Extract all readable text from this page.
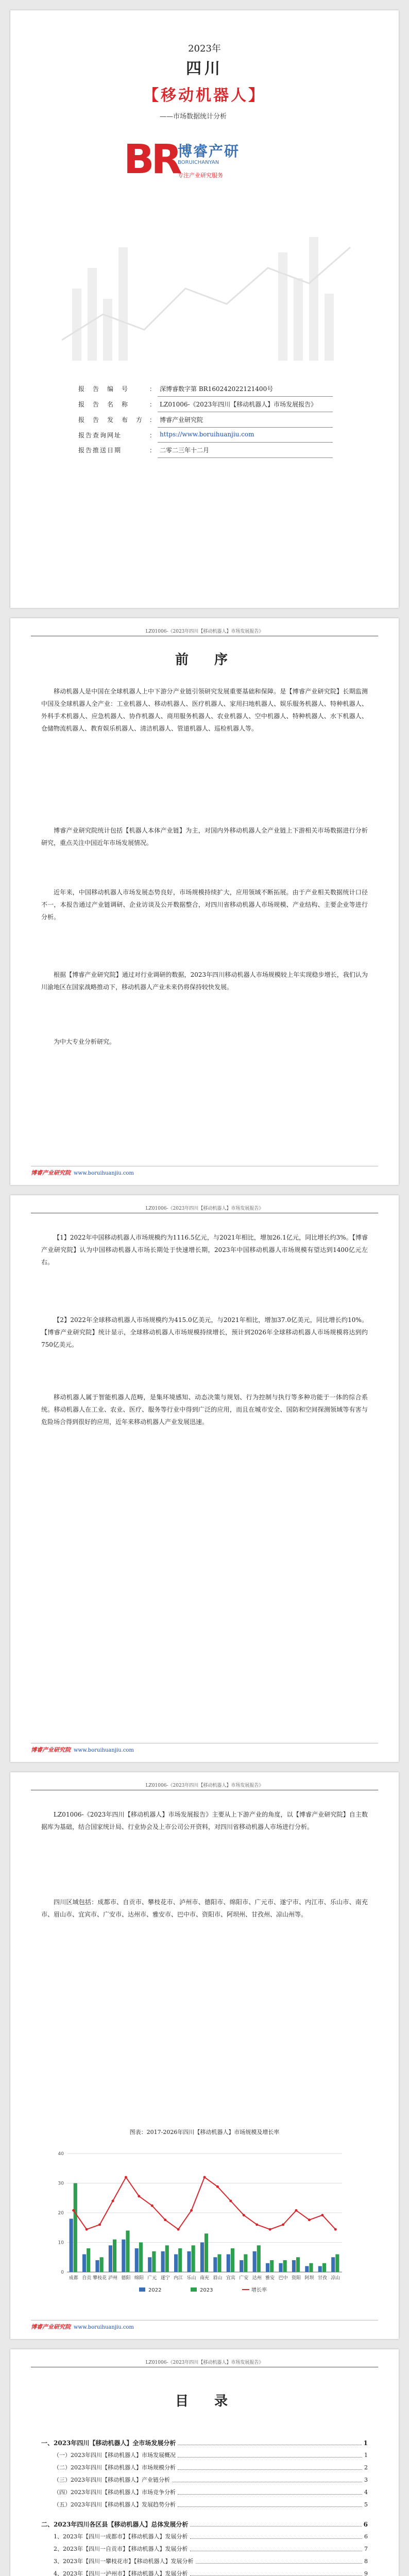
2023年
四川
【移动机器人】
——市场数据统计分析
BR
博睿产研
BORUICHANYAN
专注产业研究服务
报　告　编　号	：	深博睿数字第 BR160242022121400号
报　告　名　称	：	LZ01006-《2023年四川【移动机器人】市场发展报告》
报　告　发　布　方	：	博睿产业研究院
报告查询网址	：	https://www.boruihuanjiu.com
报告推送日期	：	二零二三年十二月
LZ01006-《2023年四川【移动机器人】市场发展报告》
前　序

移动机器人是中国在全球机器人上中下游分产业链引领研究发展重要基础和保障。是【博睿产业研究院】长期监测中国及全球机器人全产业：工业机器人、移动机器人、医疗机器人、家用扫地机器人、娱乐服务机器人、特种机器人、外科手术机器人、应急机器人、协作机器人、商用服务机器人、农业机器人、空中机器人、特种机器人、水下机器人、仓储物流机器人、教育娱乐机器人、清洁机器人、管道机器人、巡检机器人等。

博睿产业研究院统计包括【机器人本体产业链】为主，对国内外移动机器人全产业链上下游相关市场数据进行分析研究，重点关注中国近年市场发展情况。

近年来，中国移动机器人市场发展态势良好，市场规模持续扩大，应用领域不断拓展。由于产业相关数据统计口径不一，本报告通过产业链调研、企业访谈及公开数据整合，对四川省移动机器人市场规模、产业结构、主要企业等进行分析。

根据【博睿产业研究院】通过对行业调研的数据，2023年四川移动机器人市场规模较上年实现稳步增长，我们认为川渝地区在国家战略推动下，移动机器人产业未来仍将保持较快发展。

为中大专业分析研究。

博睿产业研究院 www.boruihuanjiu.com
LZ01006-《2023年四川【移动机器人】市场发展报告》

【1】2022年中国移动机器人市场规模约为1116.5亿元，与2021年相比，增加26.1亿元，同比增长约3%。【博睿产业研究院】认为中国移动机器人市场长期处于快速增长期，2023年中国移动机器人市场规模有望达到1400亿元左右。

【2】2022年全球移动机器人市场规模约为415.0亿美元，与2021年相比，增加37.0亿美元，同比增长约10%。【博睿产业研究院】统计显示，全球移动机器人市场规模持续增长，预计到2026年全球移动机器人市场规模将达到约750亿美元。

移动机器人属于智能机器人范畴，是集环境感知、动态决策与规划、行为控制与执行等多种功能于一体的综合系统。移动机器人在工业、农业、医疗、服务等行业中得到广泛的应用，而且在城市安全、国防和空间探测领域等有害与危险场合得到很好的应用，近年来移动机器人产业发展迅速。

博睿产业研究院 www.boruihuanjiu.com
LZ01006-《2023年四川【移动机器人】市场发展报告》

LZ01006-《2023年四川【移动机器人】市场发展报告》主要从上下游产业的角度，以【博睿产业研究院】自主数据库为基础，结合国家统计局、行业协会及上市公司公开资料，对四川省移动机器人市场进行分析。

四川区域包括：成都市、自贡市、攀枝花市、泸州市、德阳市、绵阳市、广元市、遂宁市、内江市、乐山市、南充市、眉山市、宜宾市、广安市、达州市、雅安市、巴中市、资阳市、阿坝州、甘孜州、凉山州等。

图表：2017-2026年四川【移动机器人】市场规模及增长率
0
10
20
30
40
成都 自贡 攀枝花 泸州 德阳 绵阳 广元 遂宁 内江 乐山 南充 眉山 宜宾 广安 达州 雅安 巴中 资阳 阿坝 甘孜 凉山
2022	2023	增长率
博睿产业研究院 www.boruihuanjiu.com
LZ01006-《2023年四川【移动机器人】市场发展报告》
目　录
一、2023年四川【移动机器人】全市场发展分析	1
（一）2023年四川【移动机器人】市场发展概况	1
（二）2023年四川【移动机器人】市场规模分析	2
（三）2023年四川【移动机器人】产业链分析	3
（四）2023年四川【移动机器人】市场竞争分析	4
（五）2023年四川【移动机器人】发展趋势分析	5
二、2023年四川各区县【移动机器人】总体发展分析	6
1、2023年【四川一成都市】【移动机器人】发展分析	6
2、2023年【四川一自贡市】【移动机器人】发展分析	7
3、2023年【四川一攀枝花市】【移动机器人】发展分析	8
4、2023年【四川一泸州市】【移动机器人】发展分析	9
